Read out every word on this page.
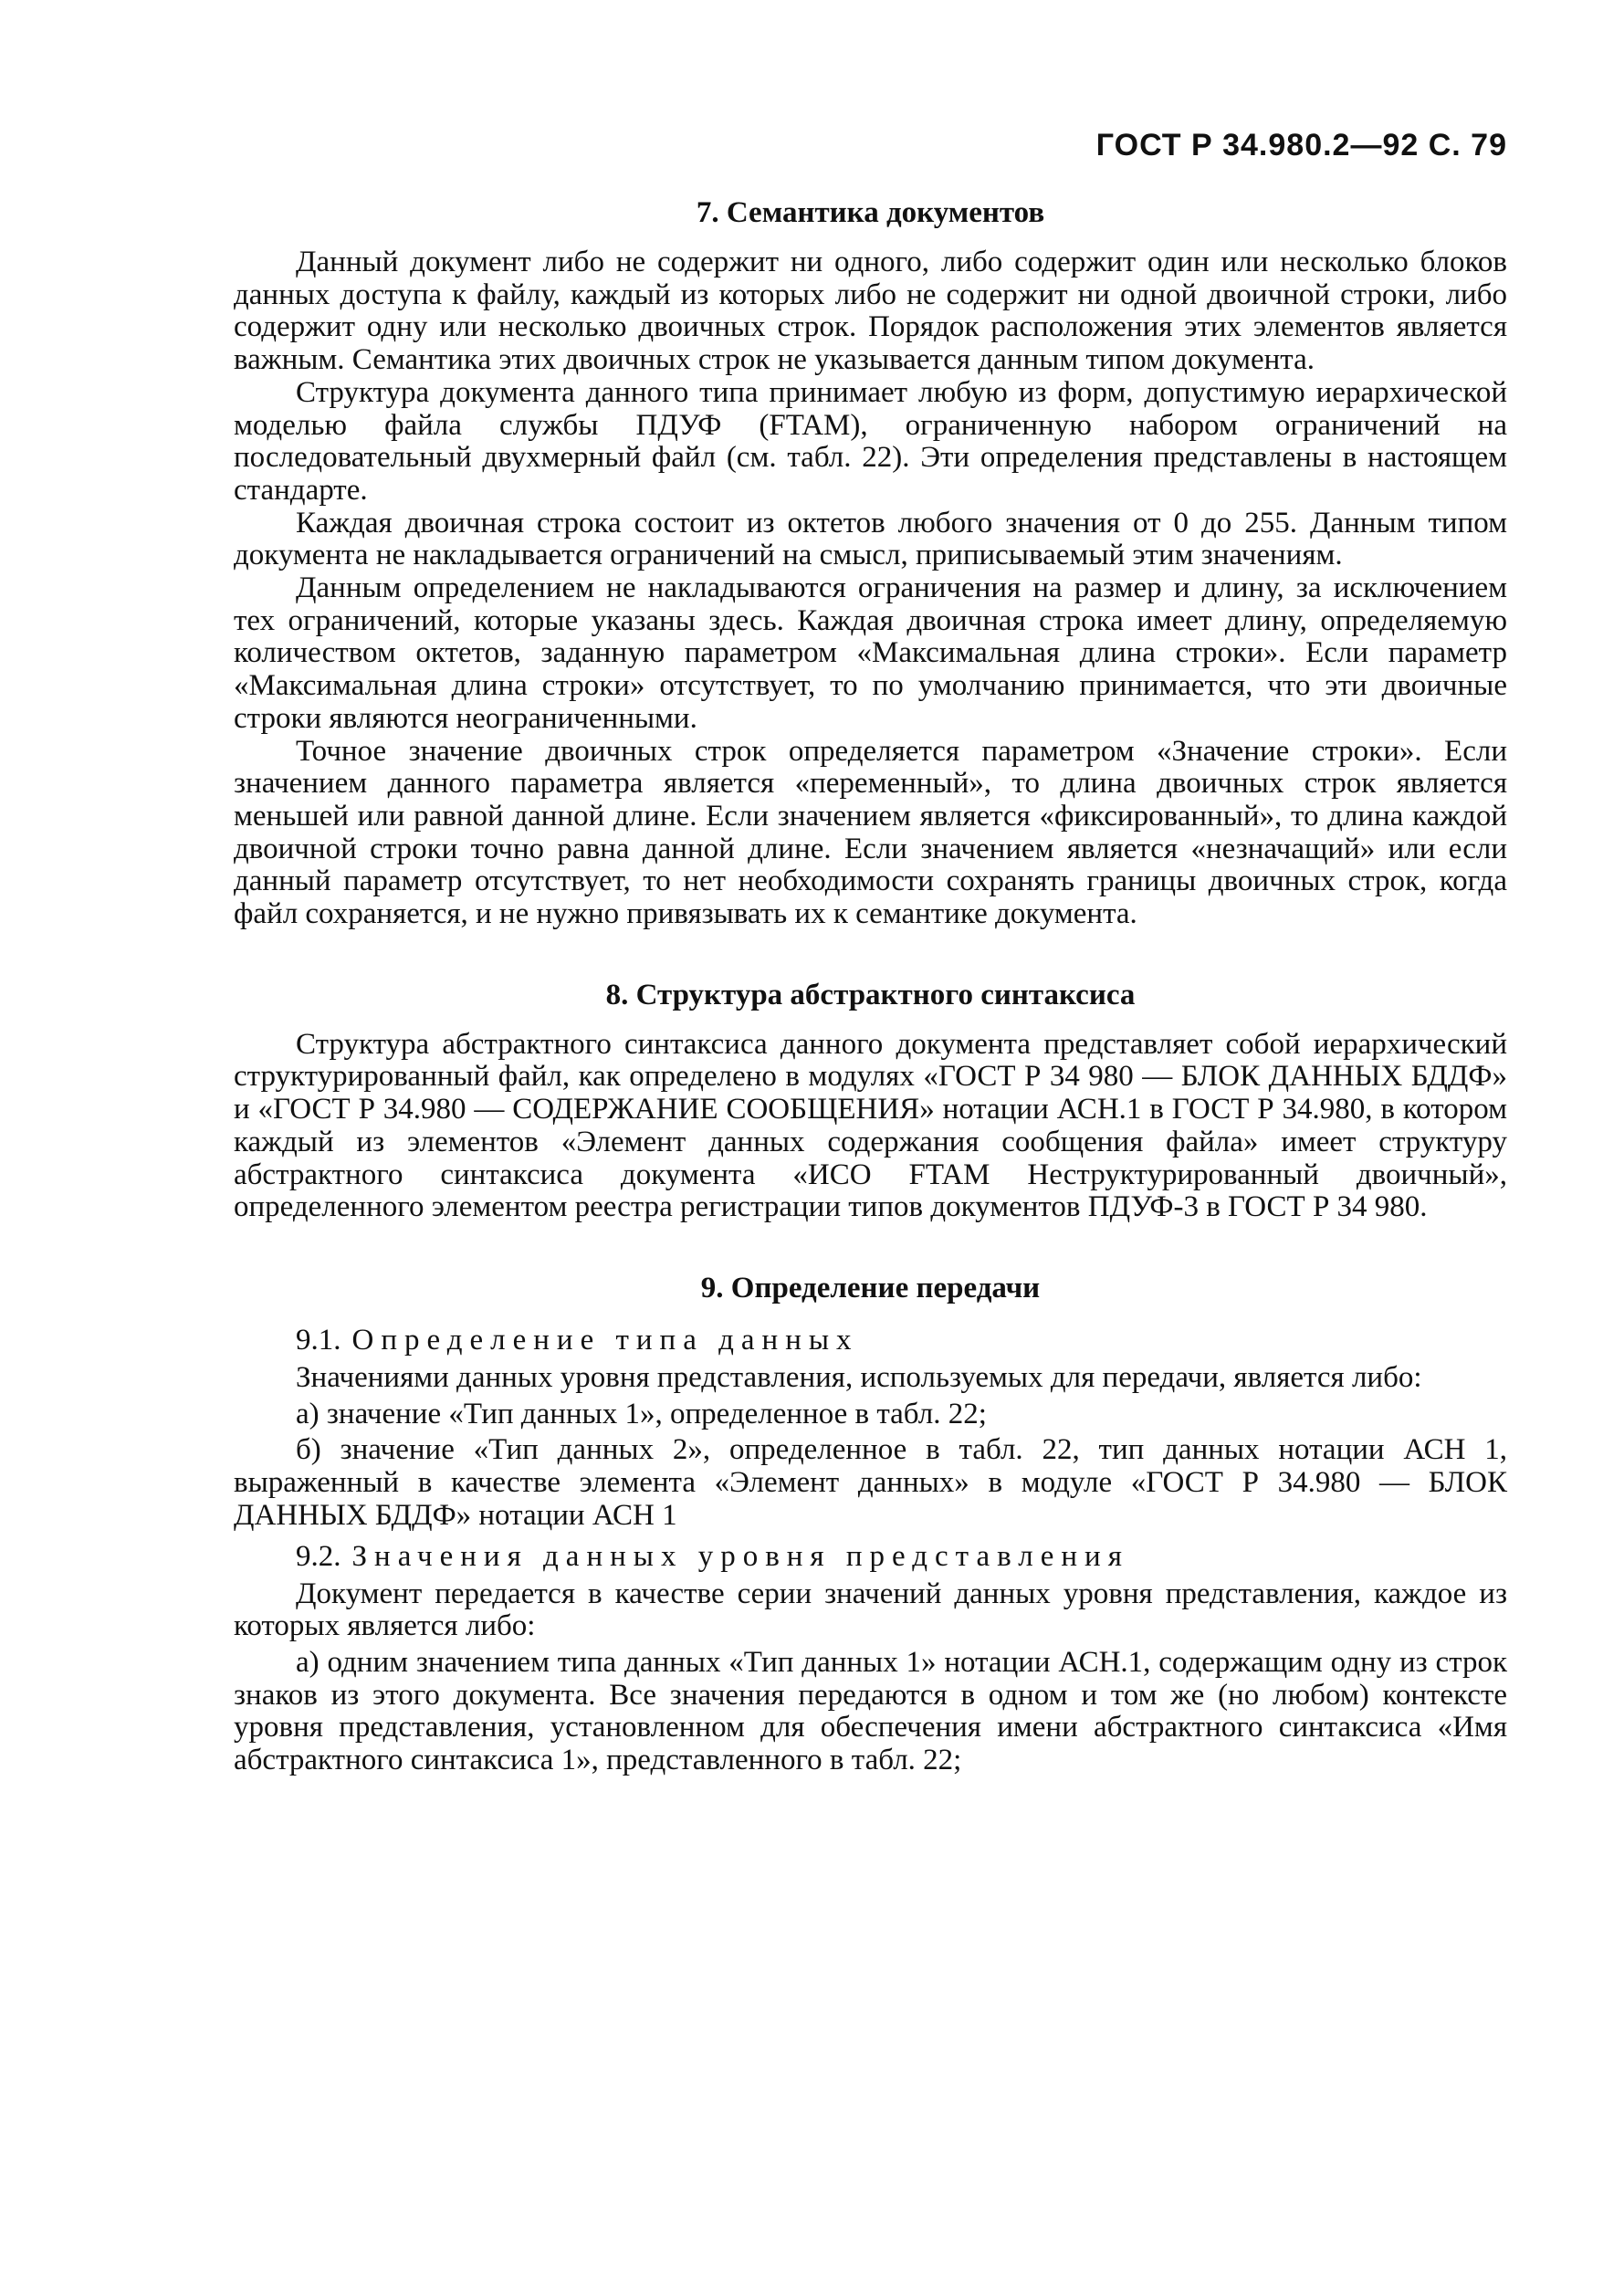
ГОСТ Р 34.980.2—92 С. 79
7. Семантика документов

Данный документ либо не содержит ни одного, либо содержит один или несколько блоков данных доступа к файлу, каждый из которых либо не содержит ни одной двоичной строки, либо содержит одну или несколько двоичных строк. Порядок расположения этих элементов является важным. Семантика этих двоичных строк не указывается данным типом документа.

Структура документа данного типа принимает любую из форм, допустимую иерархической моделью файла службы ПДУФ (FTAM), ограниченную набором ограничений на последовательный двухмерный файл (см. табл. 22). Эти определения представлены в настоящем стандарте.

Каждая двоичная строка состоит из октетов любого значения от 0 до 255. Данным типом документа не накладывается ограничений на смысл, приписываемый этим значениям.

Данным определением не накладываются ограничения на размер и длину, за исключением тех ограничений, которые указаны здесь. Каждая двоичная строка имеет длину, определяемую количеством октетов, заданную параметром «Максимальная длина строки». Если параметр «Максимальная длина строки» отсутствует, то по умолчанию принимается, что эти двоичные строки являются неограниченными.

Точное значение двоичных строк определяется параметром «Значение строки». Если значением данного параметра является «переменный», то длина двоичных строк является меньшей или равной данной длине. Если значением является «фиксированный», то длина каждой двоичной строки точно равна данной длине. Если значением является «незначащий» или если данный параметр отсутствует, то нет необходимости сохранять границы двоичных строк, когда файл сохраняется, и не нужно привязывать их к семантике документа.

8. Структура абстрактного синтаксиса

Структура абстрактного синтаксиса данного документа представляет собой иерархический структурированный файл, как определено в модулях «ГОСТ Р 34 980 — БЛОК ДАННЫХ БДДФ» и «ГОСТ Р 34.980 — СОДЕРЖАНИЕ СООБЩЕНИЯ» нотации АСН.1 в ГОСТ Р 34.980, в котором каждый из элементов «Элемент данных содержания сообщения файла» имеет структуру абстрактного синтаксиса документа «ИСО FTAM Неструктурированный двоичный», определенного элементом реестра регистрации типов документов ПДУФ-3 в ГОСТ Р 34 980.

9. Определение передачи
9.1. Определение типа данных

Значениями данных уровня представления, используемых для передачи, является либо:

а) значение «Тип данных 1», определенное в табл. 22;

б) значение «Тип данных 2», определенное в табл. 22, тип данных нотации АСН 1, выраженный в качестве элемента «Элемент данных» в модуле «ГОСТ Р 34.980 — БЛОК ДАННЫХ БДДФ» нотации АСН 1

9.2. Значения данных уровня представления

Документ передается в качестве серии значений данных уровня представления, каждое из которых является либо:

а) одним значением типа данных «Тип данных 1» нотации АСН.1, содержащим одну из строк знаков из этого документа. Все значения передаются в одном и том же (но любом) контексте уровня представления, установленном для обеспечения имени абстрактного синтаксиса «Имя абстрактного синтаксиса 1», представленного в табл. 22;
